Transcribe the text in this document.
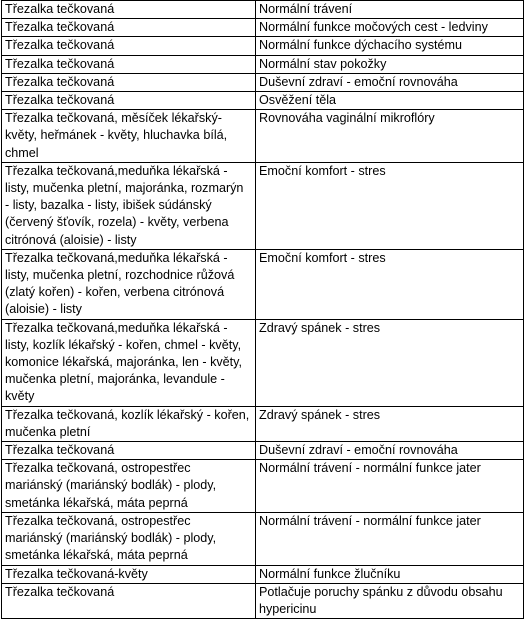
Třezalka tečkovaná	Normální trávení
Třezalka tečkovaná	Normální funkce močových cest - ledviny
Třezalka tečkovaná	Normální funkce dýchacího systému
Třezalka tečkovaná	Normální stav pokožky
Třezalka tečkovaná	Duševní zdraví - emoční rovnováha
Třezalka tečkovaná	Osvěžení těla
Třezalka tečkovaná, měsíček lékařský- květy, heřmánek - květy, hluchavka bílá, chmel	Rovnováha vaginální mikroflóry
Třezalka tečkovaná,meduňka lékařská - listy, mučenka pletní, majoránka, rozmarýn - listy, bazalka - listy, ibišek súdánský (červený šťovík, rozela) - květy, verbena citrónová (aloisie) - listy	Emoční komfort - stres
Třezalka tečkovaná,meduňka lékařská - listy, mučenka pletní, rozchodnice růžová (zlatý kořen) - kořen, verbena citrónová (aloisie) - listy	Emoční komfort - stres
Třezalka tečkovaná,meduňka lékařská - listy, kozlík lékařský - kořen, chmel - květy, komonice lékařská, majoránka, len - květy, mučenka pletní, majoránka, levandule - květy	Zdravý spánek - stres
Třezalka tečkovaná, kozlík lékařský - kořen, mučenka pletní	Zdravý spánek - stres
Třezalka tečkovaná	Duševní zdraví - emoční rovnováha
Třezalka tečkovaná, ostropestřec mariánský (mariánský bodlák) - plody, smetánka lékařská, máta peprná	Normální trávení - normální funkce jater
Třezalka tečkovaná, ostropestřec mariánský (mariánský bodlák) - plody, smetánka lékařská, máta peprná	Normální trávení - normální funkce jater
Třezalka tečkovaná-květy	Normální funkce žlučníku
Třezalka tečkovaná	Potlačuje poruchy spánku z důvodu obsahu hypericinu
